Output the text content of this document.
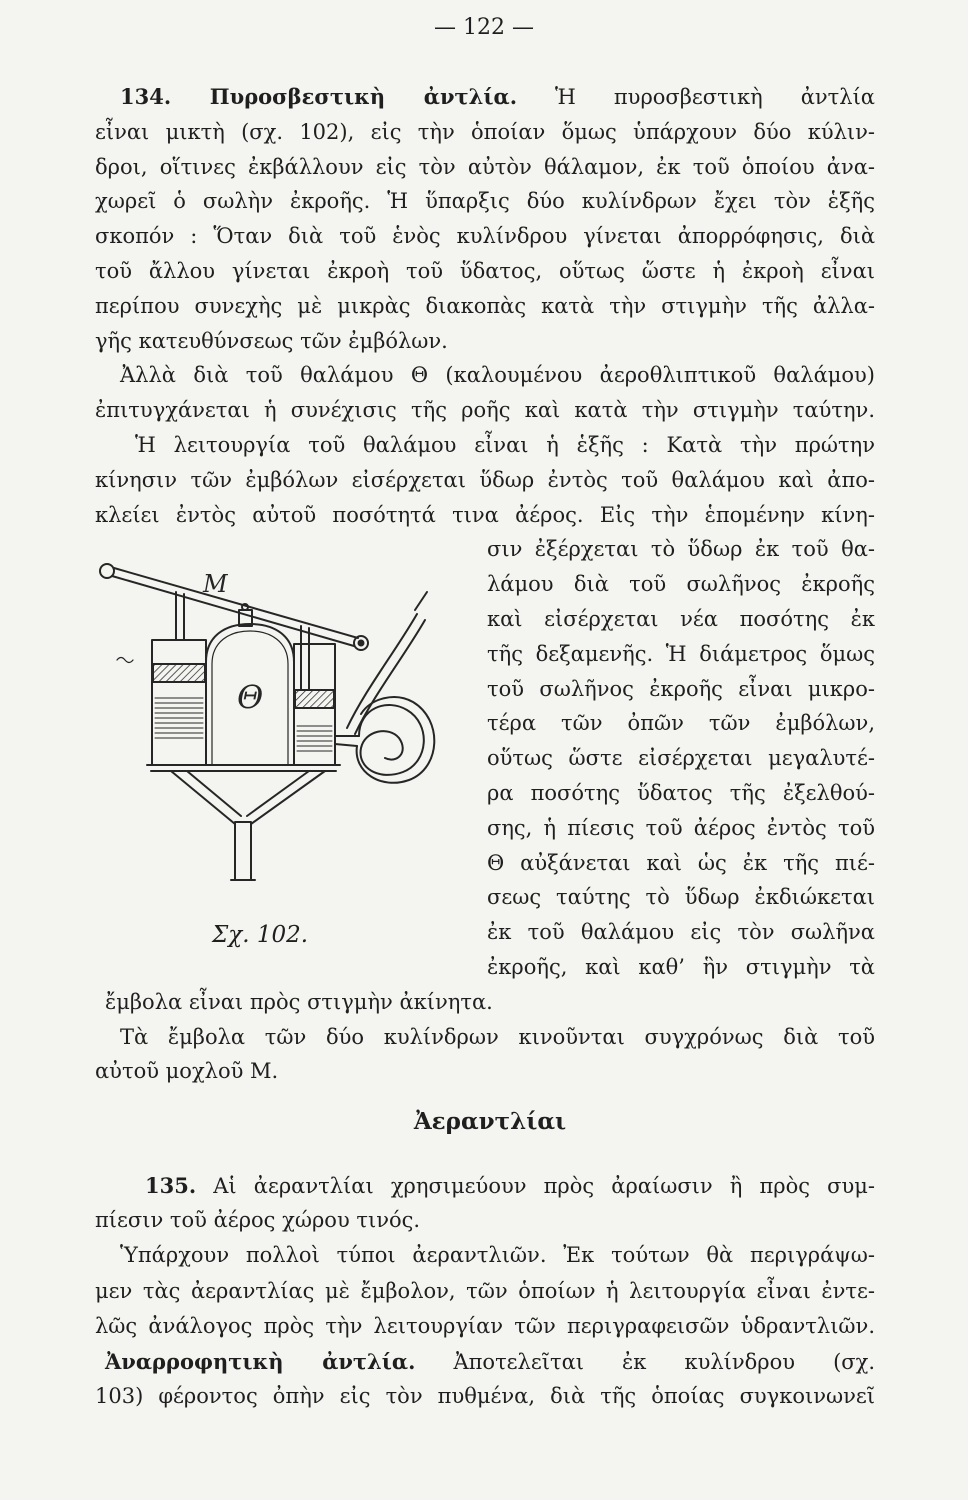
— 122 —
134. Πυροσβεστικὴ ἀντλία. Ἡ πυροσβεστικὴ ἀντλία
εἶναι μικτὴ (σχ. 102), εἰς τὴν ὁποίαν ὅμως ὑπάρχουν δύο κύλιν-
δροι, οἵτινες ἐκβάλλουν εἰς τὸν αὐτὸν θάλαμον, ἐκ τοῦ ὁποίου ἀνα-
χωρεῖ ὁ σωλὴν ἐκροῆς. Ἡ ὕπαρξις δύο κυλίνδρων ἔχει τὸν ἑξῆς
σκοπόν : Ὅταν διὰ τοῦ ἑνὸς κυλίνδρου γίνεται ἀπορρόφησις, διὰ
τοῦ ἄλλου γίνεται ἐκροὴ τοῦ ὕδατος, οὕτως ὥστε ἡ ἐκροὴ εἶναι
περίπου συνεχὴς μὲ μικρὰς διακοπὰς κατὰ τὴν στιγμὴν τῆς ἀλλα-
γῆς κατευθύνσεως τῶν ἐμβόλων.
Ἀλλὰ διὰ τοῦ θαλάμου Θ (καλουμένου ἀεροθλιπτικοῦ θαλάμου)
ἐπιτυγχάνεται ἡ συνέχισις τῆς ροῆς καὶ κατὰ τὴν στιγμὴν ταύτην.
Ἡ λειτουργία τοῦ θαλάμου εἶναι ἡ ἑξῆς : Κατὰ τὴν πρώτην
κίνησιν τῶν ἐμβόλων εἰσέρχεται ὕδωρ ἐντὸς τοῦ θαλάμου καὶ ἀπο-
κλείει ἐντὸς αὐτοῦ ποσότητά τινα ἀέρος. Εἰς τὴν ἑπομένην κίνη-
σιν ἐξέρχεται τὸ ὕδωρ ἐκ τοῦ θα-
λάμου διὰ τοῦ σωλῆνος ἐκροῆς
καὶ εἰσέρχεται νέα ποσότης ἐκ
τῆς δεξαμενῆς. Ἡ διάμετρος ὅμως
τοῦ σωλῆνος ἐκροῆς εἶναι μικρο-
τέρα τῶν ὀπῶν τῶν ἐμβόλων,
οὕτως ὥστε εἰσέρχεται μεγαλυτέ-
ρα ποσότης ὕδατος τῆς ἐξελθού-
σης, ἡ πίεσις τοῦ ἀέρος ἐντὸς τοῦ
Θ αὐξάνεται καὶ ὡς ἐκ τῆς πιέ-
σεως ταύτης τὸ ὕδωρ ἐκδιώκεται
ἐκ τοῦ θαλάμου εἰς τὸν σωλῆνα
ἐκροῆς, καὶ καθ’ ἣν στιγμὴν τὰ
ἔμβολα εἶναι πρὸς στιγμὴν ἀκίνητα.
Τὰ ἔμβολα τῶν δύο κυλίνδρων κινοῦνται συγχρόνως διὰ τοῦ
αὐτοῦ μοχλοῦ Μ.
M
Θ
Σχ. 102.
Ἀεραντλίαι
135. Αἱ ἀεραντλίαι χρησιμεύουν πρὸς ἀραίωσιν ἢ πρὸς συμ-
πίεσιν τοῦ ἀέρος χώρου τινός.
Ὑπάρχουν πολλοὶ τύποι ἀεραντλιῶν. Ἐκ τούτων θὰ περιγράψω-
μεν τὰς ἀεραντλίας μὲ ἔμβολον, τῶν ὁποίων ἡ λειτουργία εἶναι ἐντε-
λῶς ἀνάλογος πρὸς τὴν λειτουργίαν τῶν περιγραφεισῶν ὑδραντλιῶν.
Ἀναρροφητικὴ ἀντλία. Ἀποτελεῖται ἐκ κυλίνδρου (σχ.
103) φέροντος ὀπὴν εἰς τὸν πυθμένα, διὰ τῆς ὁποίας συγκοινωνεῖ
